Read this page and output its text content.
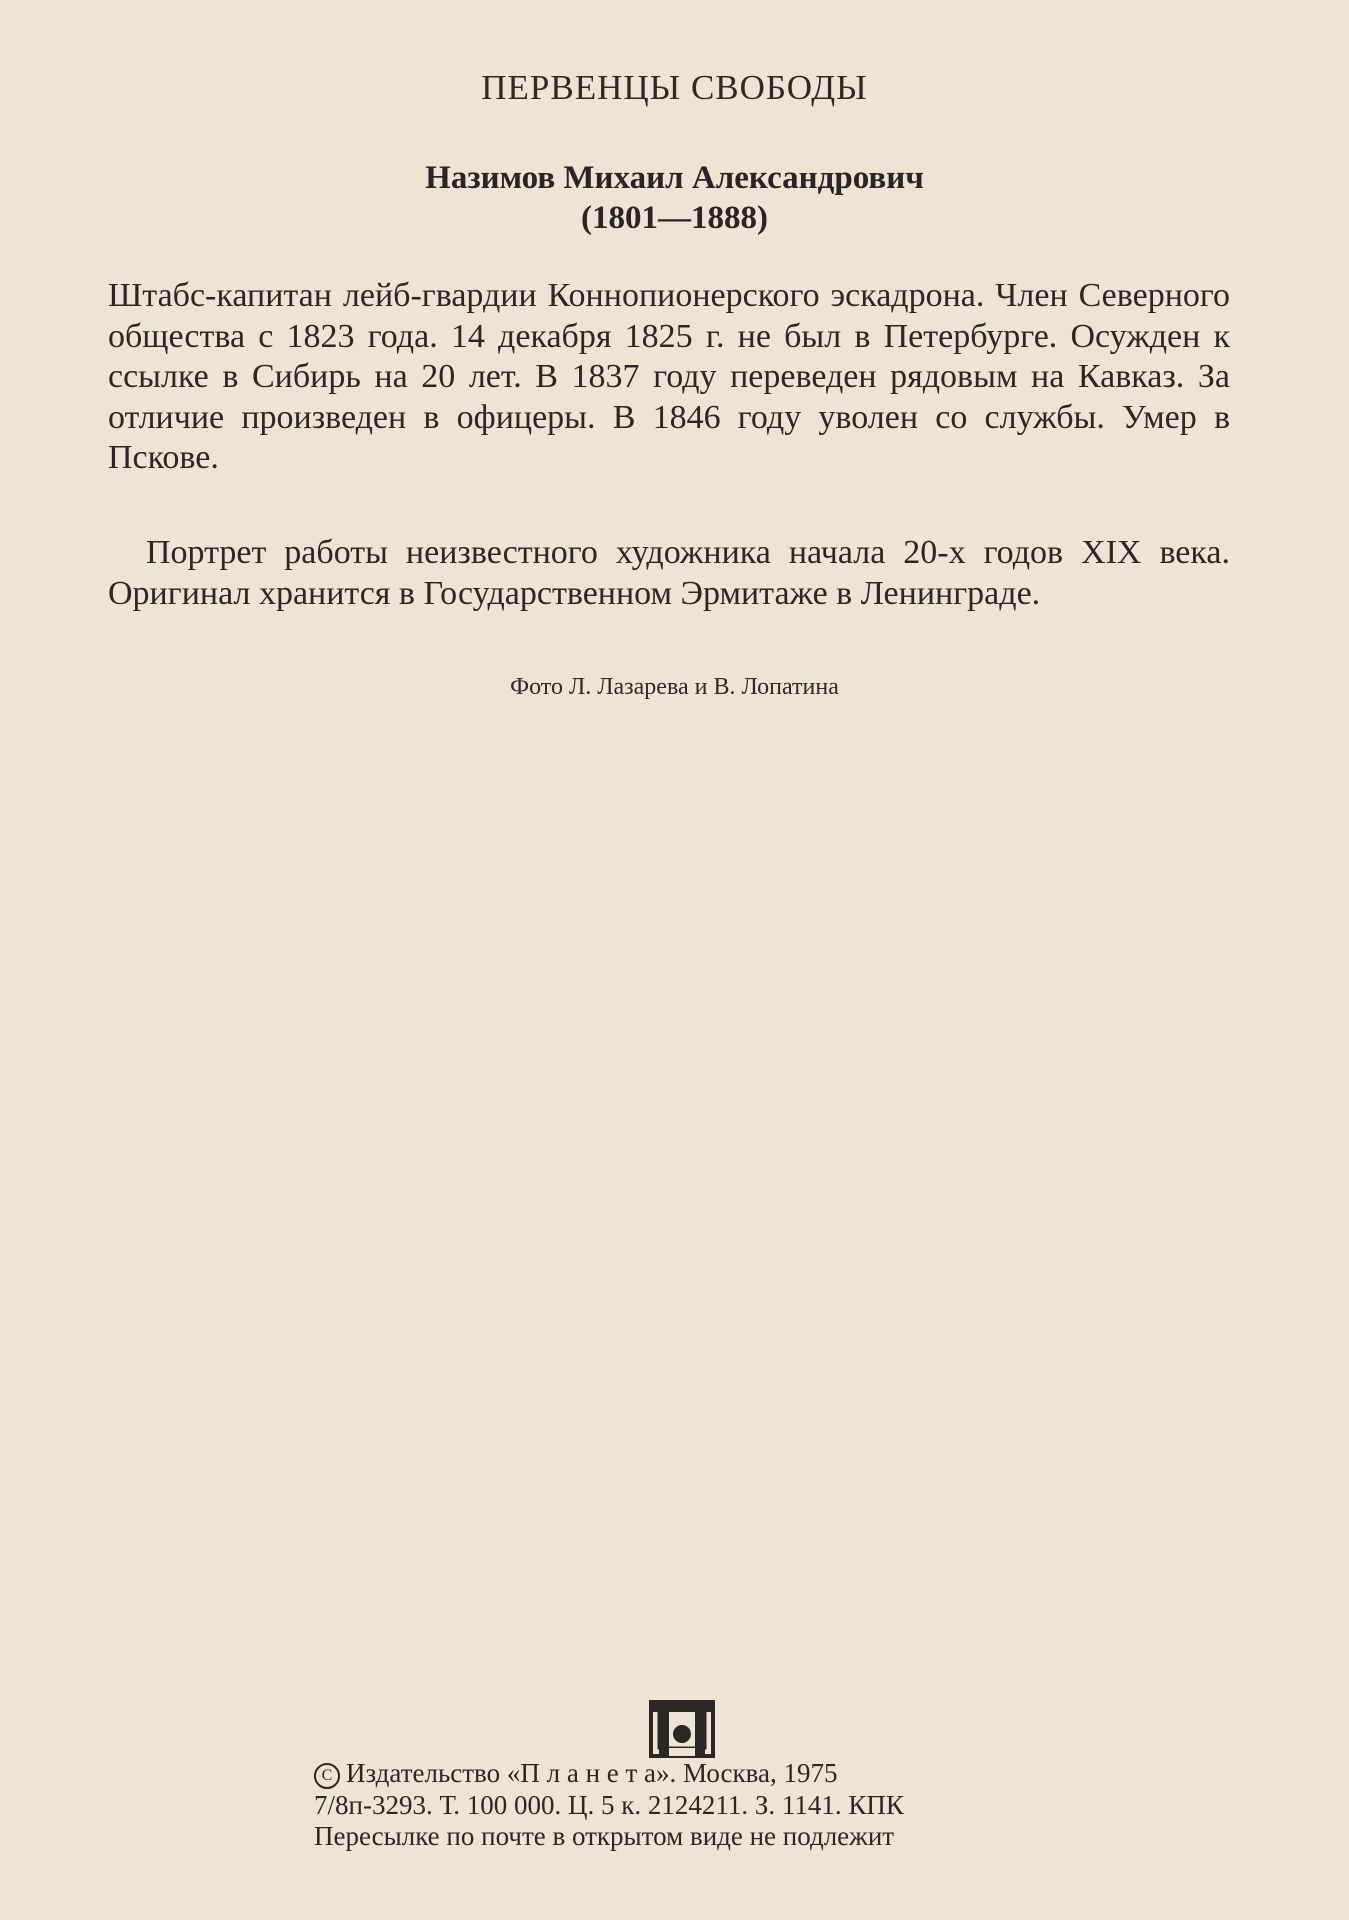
ПЕРВЕНЦЫ СВОБОДЫ
Назимов Михаил Александрович
(1801—1888)

Штабс-капитан лейб-гвардии Коннопионерского эскадрона. Член Северного общества с 1823 года. 14 декабря 1825 г. не был в Петербурге. Осужден к ссылке в Сибирь на 20 лет. В 1837 году переведен рядовым на Кавказ. За отличие произведен в офицеры. В 1846 году уволен со службы. Умер в Пскове.

Портрет работы неизвестного художника начала 20-х годов XIX века. Оригинал хранится в Государственном Эрмитаже в Ленинграде.

Фото Л. Лазарева и В. Лопатина
C Издательство «П л а н е т а». Москва, 1975
7/8п-3293. Т. 100 000. Ц. 5 к. 2124211. З. 1141. КПК
Пересылке по почте в открытом виде не подлежит
